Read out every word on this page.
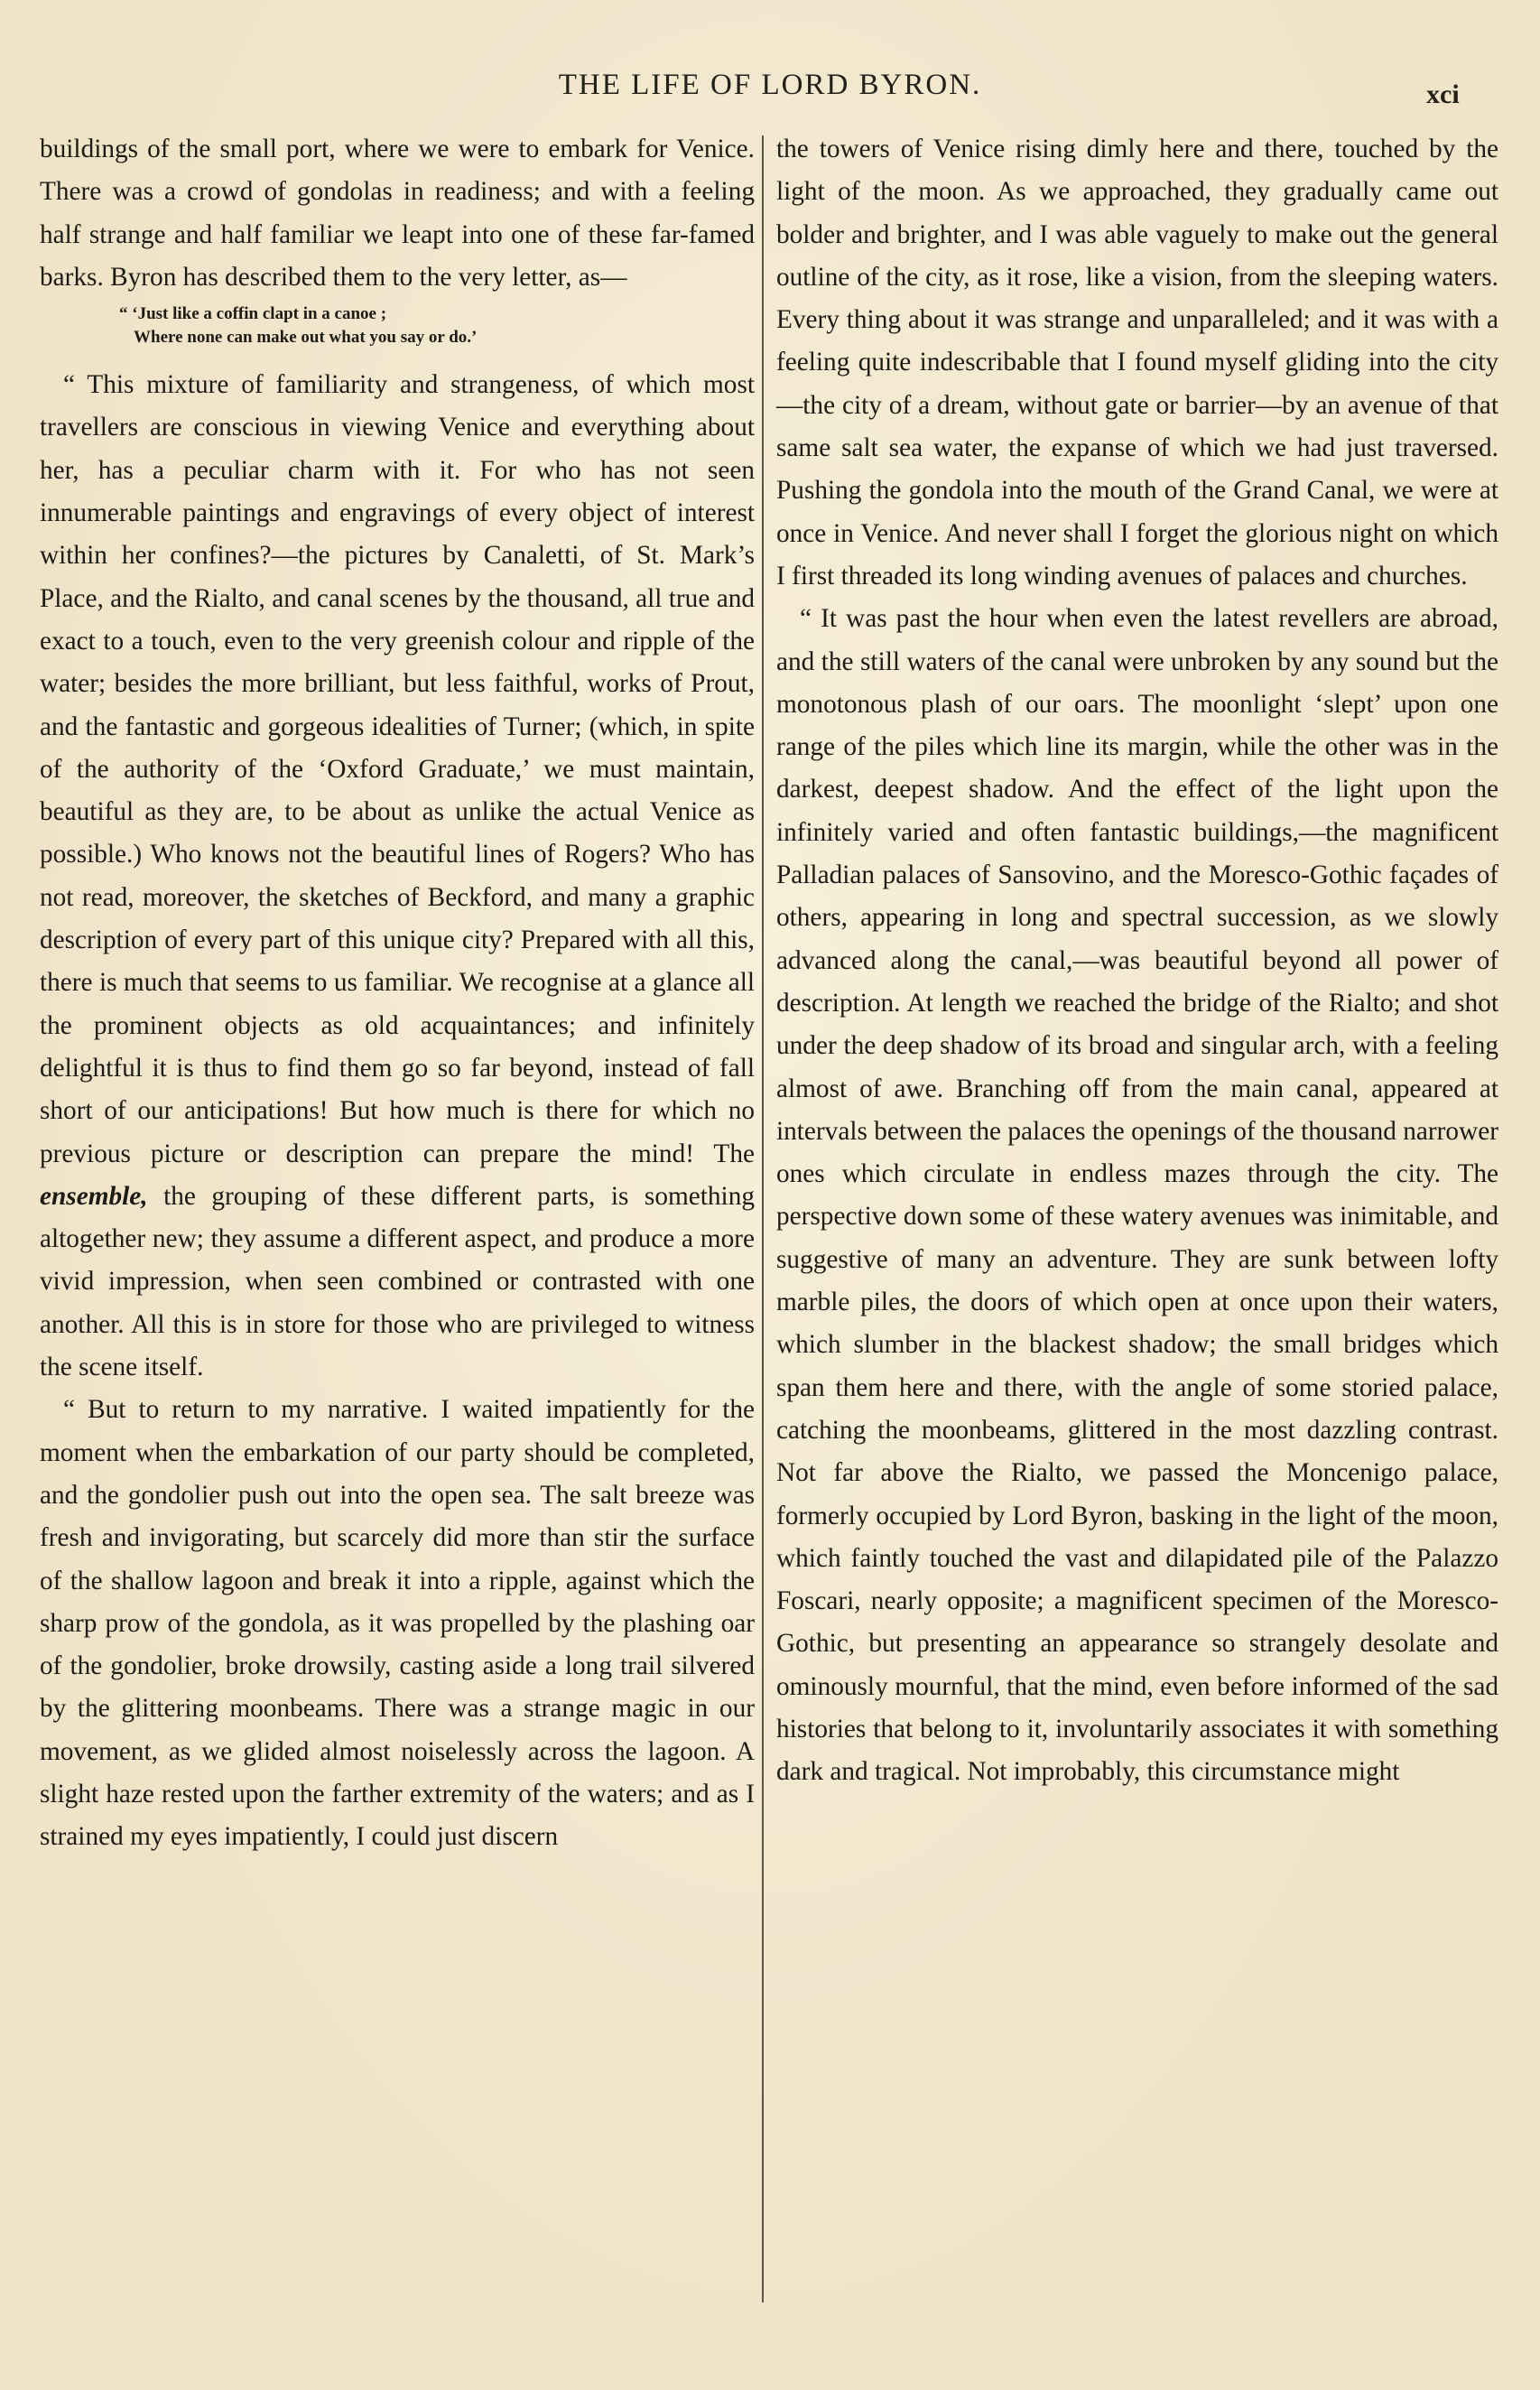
THE LIFE OF LORD BYRON.	xci

buildings of the small port, where we were to embark for Venice. There was a crowd of gondolas in readiness; and with a feeling half strange and half familiar we leapt into one of these far-famed barks. Byron has described them to the very letter, as—

“ ‘Just like a coffin clapt in a canoe ;
Where none can make out what you say or do.’

“ This mixture of familiarity and strangeness, of which most travellers are conscious in viewing Venice and everything about her, has a peculiar charm with it. For who has not seen innumerable paintings and engravings of every object of interest within her confines?—the pictures by Canaletti, of St. Mark’s Place, and the Rialto, and canal scenes by the thousand, all true and exact to a touch, even to the very greenish colour and ripple of the water; besides the more brilliant, but less faithful, works of Prout, and the fantastic and gorgeous idealities of Turner; (which, in spite of the authority of the ‘Oxford Graduate,’ we must maintain, beautiful as they are, to be about as unlike the actual Venice as possible.) Who knows not the beautiful lines of Rogers? Who has not read, moreover, the sketches of Beckford, and many a graphic description of every part of this unique city? Prepared with all this, there is much that seems to us familiar. We recognise at a glance all the prominent objects as old acquaintances; and infinitely delightful it is thus to find them go so far beyond, instead of fall short of our anticipations! But how much is there for which no previous picture or description can prepare the mind! The ensemble, the grouping of these different parts, is something altogether new; they assume a different aspect, and produce a more vivid impression, when seen combined or contrasted with one another. All this is in store for those who are privileged to witness the scene itself.

“ But to return to my narrative. I waited impatiently for the moment when the embarkation of our party should be completed, and the gondolier push out into the open sea. The salt breeze was fresh and invigorating, but scarcely did more than stir the surface of the shallow lagoon and break it into a ripple, against which the sharp prow of the gondola, as it was propelled by the plashing oar of the gondolier, broke drowsily, casting aside a long trail silvered by the glittering moonbeams. There was a strange magic in our movement, as we glided almost noiselessly across the lagoon. A slight haze rested upon the farther extremity of the waters; and as I strained my eyes impatiently, I could just discern

the towers of Venice rising dimly here and there, touched by the light of the moon. As we approached, they gradually came out bolder and brighter, and I was able vaguely to make out the general outline of the city, as it rose, like a vision, from the sleeping waters. Every thing about it was strange and unparalleled; and it was with a feeling quite indescribable that I found myself gliding into the city—the city of a dream, without gate or barrier—by an avenue of that same salt sea water, the expanse of which we had just traversed. Pushing the gondola into the mouth of the Grand Canal, we were at once in Venice. And never shall I forget the glorious night on which I first threaded its long winding avenues of palaces and churches.

“ It was past the hour when even the latest revellers are abroad, and the still waters of the canal were unbroken by any sound but the monotonous plash of our oars. The moonlight ‘slept’ upon one range of the piles which line its margin, while the other was in the darkest, deepest shadow. And the effect of the light upon the infinitely varied and often fantastic buildings,—the magnificent Palladian palaces of Sansovino, and the Moresco-Gothic façades of others, appearing in long and spectral succession, as we slowly advanced along the canal,—was beautiful beyond all power of description. At length we reached the bridge of the Rialto; and shot under the deep shadow of its broad and singular arch, with a feeling almost of awe. Branching off from the main canal, appeared at intervals between the palaces the openings of the thousand narrower ones which circulate in endless mazes through the city. The perspective down some of these watery avenues was inimitable, and suggestive of many an adventure. They are sunk between lofty marble piles, the doors of which open at once upon their waters, which slumber in the blackest shadow; the small bridges which span them here and there, with the angle of some storied palace, catching the moonbeams, glittered in the most dazzling contrast. Not far above the Rialto, we passed the Moncenigo palace, formerly occupied by Lord Byron, basking in the light of the moon, which faintly touched the vast and dilapidated pile of the Palazzo Foscari, nearly opposite; a magnificent specimen of the Moresco-Gothic, but presenting an appearance so strangely desolate and ominously mournful, that the mind, even before informed of the sad histories that belong to it, involuntarily associates it with something dark and tragical. Not improbably, this circumstance might
